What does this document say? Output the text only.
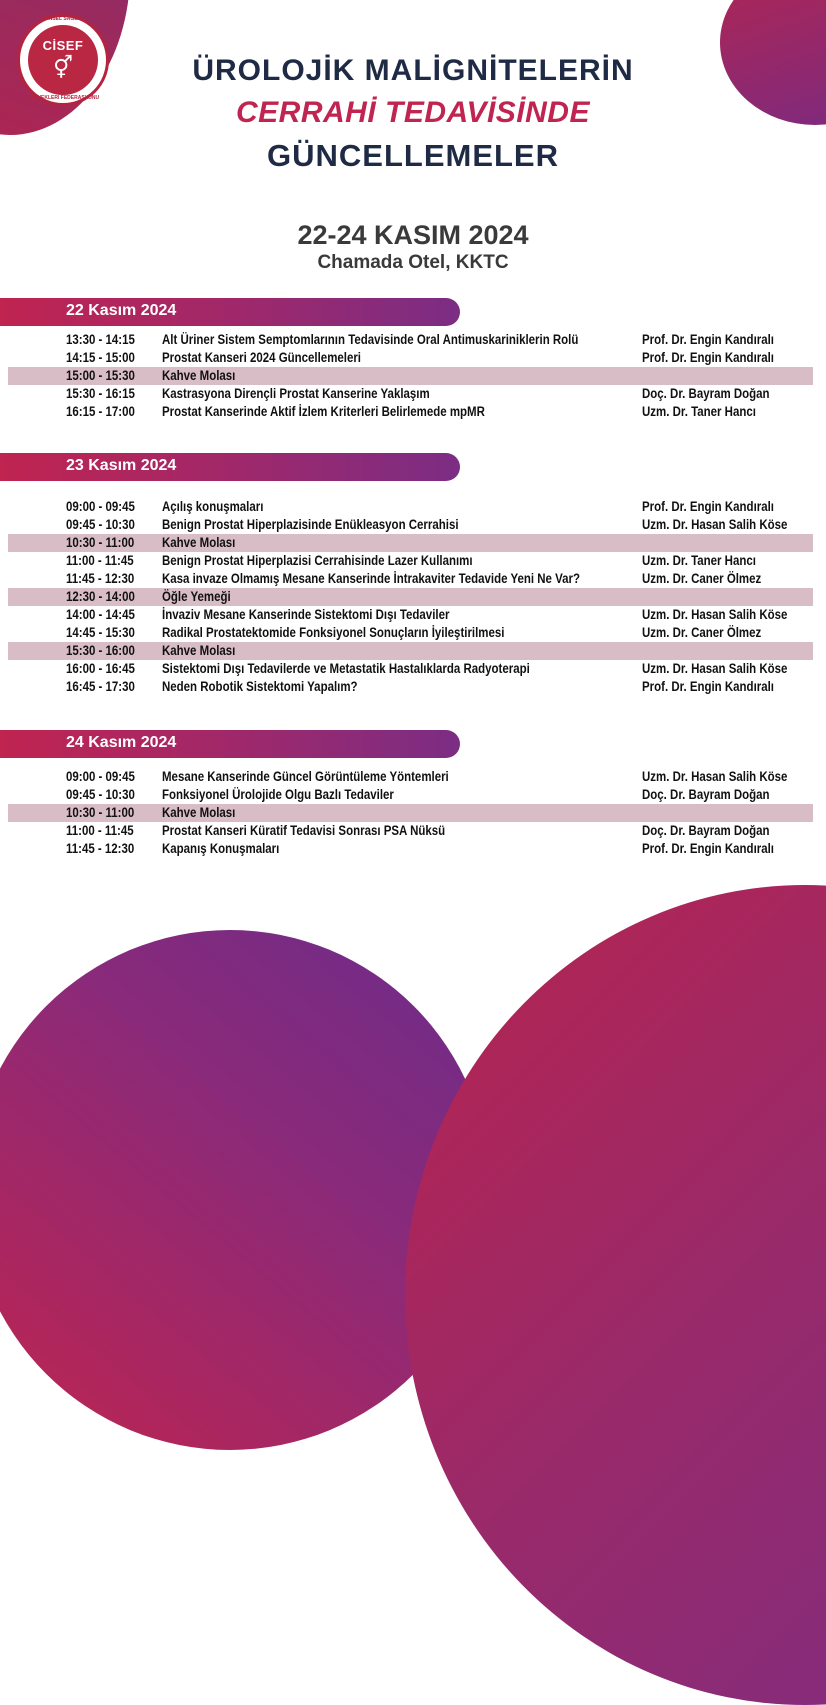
CİNSEL SAĞLIK
CİSEF
⚥
DERNEKLERİ FEDERASYONU
ÜROLOJİK MALİGNİTELERİN
CERRAHİ TEDAVİSİNDE
GÜNCELLEMELER
22-24 KASIM 2024
Chamada Otel, KKTC
22 Kasım 2024
13:30 - 14:15 Alt Üriner Sistem Semptomlarının Tedavisinde Oral Antimuskariniklerin Rolü	Prof. Dr. Engin Kandıralı
14:15 - 15:00 Prostat Kanseri 2024 Güncellemeleri	Prof. Dr. Engin Kandıralı
15:00 - 15:30 Kahve Molası
15:30 - 16:15 Kastrasyona Dirençli Prostat Kanserine Yaklaşım	Doç. Dr. Bayram Doğan
16:15 - 17:00 Prostat Kanserinde Aktif İzlem Kriterleri Belirlemede mpMR	Uzm. Dr. Taner Hancı
23 Kasım 2024
09:00 - 09:45 Açılış konuşmaları	Prof. Dr. Engin Kandıralı
09:45 - 10:30 Benign Prostat Hiperplazisinde Enükleasyon Cerrahisi	Uzm. Dr. Hasan Salih Köse
10:30 - 11:00 Kahve Molası
11:00 - 11:45 Benign Prostat Hiperplazisi Cerrahisinde Lazer Kullanımı	Uzm. Dr. Taner Hancı
11:45 - 12:30 Kasa invaze Olmamış Mesane Kanserinde İntrakaviter Tedavide Yeni Ne Var?	Uzm. Dr. Caner Ölmez
12:30 - 14:00 Öğle Yemeği
14:00 - 14:45 İnvaziv Mesane Kanserinde Sistektomi Dışı Tedaviler	Uzm. Dr. Hasan Salih Köse
14:45 - 15:30 Radikal Prostatektomide Fonksiyonel Sonuçların İyileştirilmesi	Uzm. Dr. Caner Ölmez
15:30 - 16:00 Kahve Molası
16:00 - 16:45 Sistektomi Dışı Tedavilerde ve Metastatik Hastalıklarda Radyoterapi	Uzm. Dr. Hasan Salih Köse
16:45 - 17:30 Neden Robotik Sistektomi Yapalım?	Prof. Dr. Engin Kandıralı
24 Kasım 2024
09:00 - 09:45 Mesane Kanserinde Güncel Görüntüleme Yöntemleri	Uzm. Dr. Hasan Salih Köse
09:45 - 10:30 Fonksiyonel Ürolojide Olgu Bazlı Tedaviler	Doç. Dr. Bayram Doğan
10:30 - 11:00 Kahve Molası
11:00 - 11:45 Prostat Kanseri Küratif Tedavisi Sonrası PSA Nüksü	Doç. Dr. Bayram Doğan
11:45 - 12:30 Kapanış Konuşmaları	Prof. Dr. Engin Kandıralı
